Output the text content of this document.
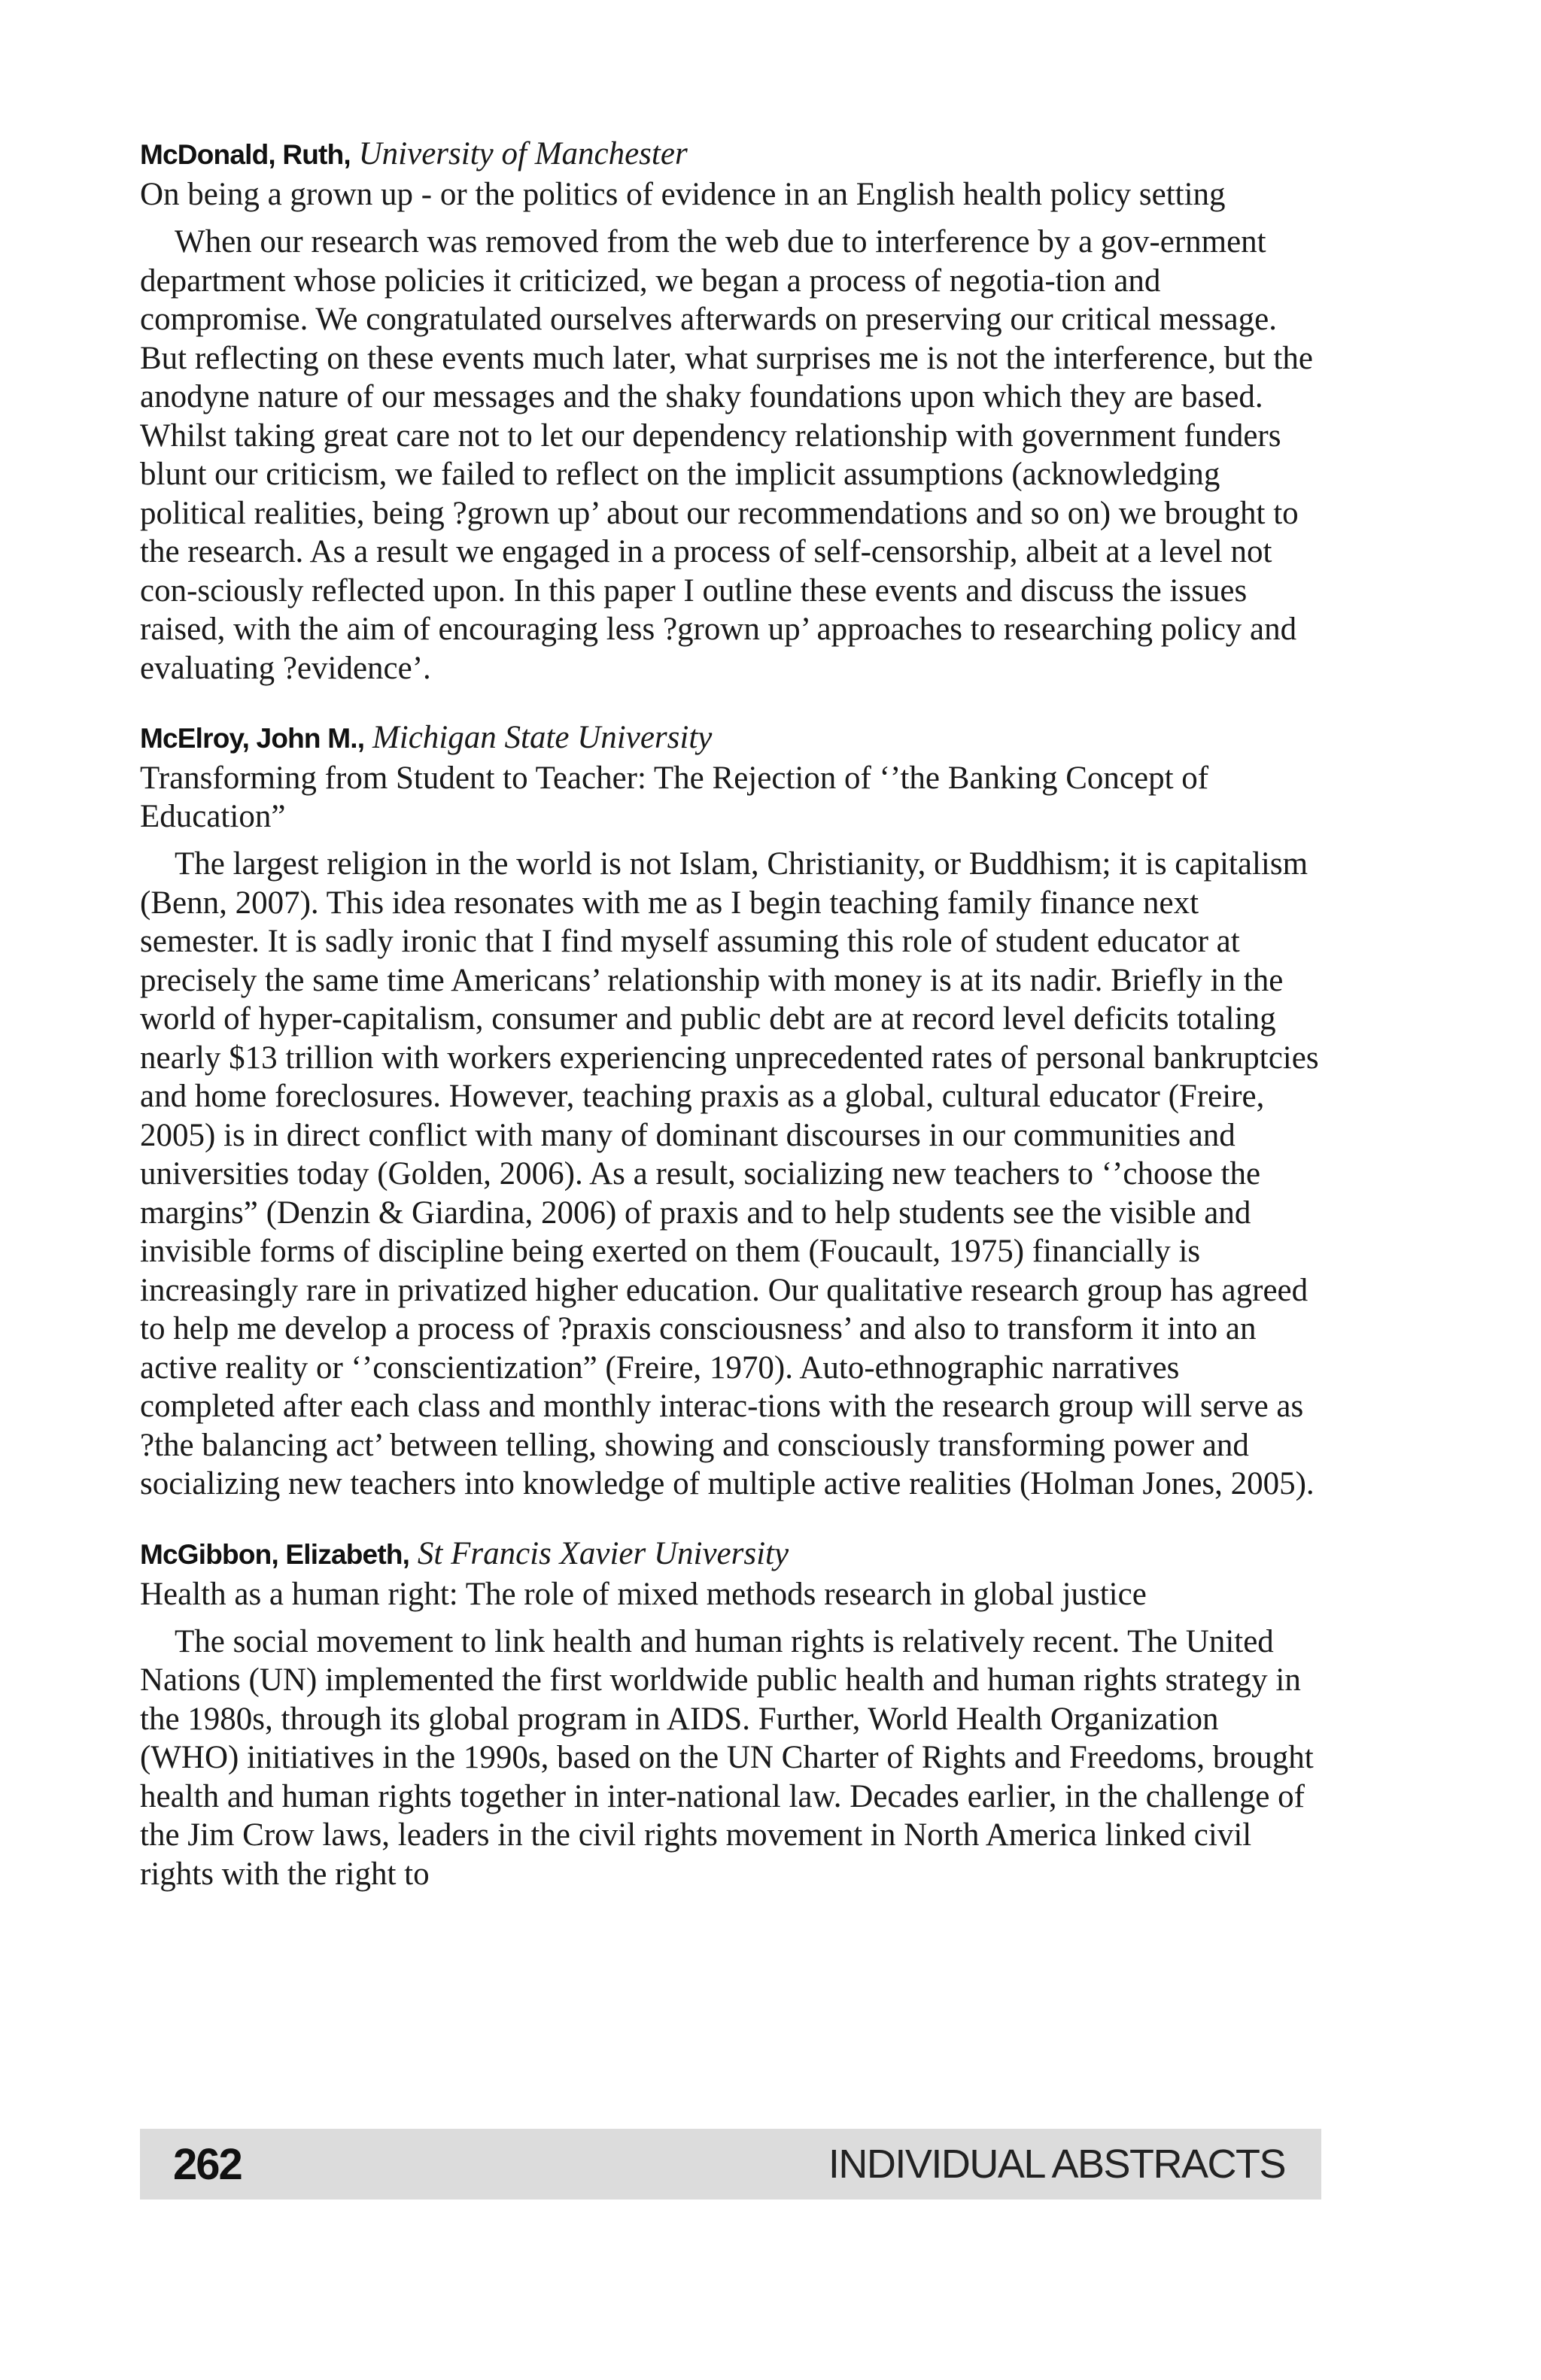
McDonald, Ruth, University of Manchester

On being a grown up - or the politics of evidence in an English health policy setting

When our research was removed from the web due to interference by a gov-ernment department whose policies it criticized, we began a process of negotia-tion and compromise. We congratulated ourselves afterwards on preserving our critical message. But reflecting on these events much later, what surprises me is not the interference, but the anodyne nature of our messages and the shaky foundations upon which they are based. Whilst taking great care not to let our dependency relationship with government funders blunt our criticism, we failed to reflect on the implicit assumptions (acknowledging political realities, being ?grown up’ about our recommendations and so on) we brought to the research. As a result we engaged in a process of self-censorship, albeit at a level not con-sciously reflected upon. In this paper I outline these events and discuss the issues raised, with the aim of encouraging less ?grown up’ approaches to researching policy and evaluating ?evidence’.

McElroy, John M., Michigan State University

Transforming from Student to Teacher: The Rejection of ‘’the Banking Concept of Education”

The largest religion in the world is not Islam, Christianity, or Buddhism; it is capitalism (Benn, 2007). This idea resonates with me as I begin teaching family finance next semester. It is sadly ironic that I find myself assuming this role of student educator at precisely the same time Americans’ relationship with money is at its nadir. Briefly in the world of hyper-capitalism, consumer and public debt are at record level deficits totaling nearly $13 trillion with workers experiencing unprecedented rates of personal bankruptcies and home foreclosures. However, teaching praxis as a global, cultural educator (Freire, 2005) is in direct conflict with many of dominant discourses in our communities and universities today (Golden, 2006). As a result, socializing new teachers to ‘’choose the margins” (Denzin & Giardina, 2006) of praxis and to help students see the visible and invisible forms of discipline being exerted on them (Foucault, 1975) financially is increasingly rare in privatized higher education. Our qualitative research group has agreed to help me develop a process of ?praxis consciousness’ and also to transform it into an active reality or ‘’conscientization” (Freire, 1970). Auto-ethnographic narratives completed after each class and monthly interac-tions with the research group will serve as ?the balancing act’ between telling, showing and consciously transforming power and socializing new teachers into knowledge of multiple active realities (Holman Jones, 2005).

McGibbon, Elizabeth, St Francis Xavier University

Health as a human right: The role of mixed methods research in global justice

The social movement to link health and human rights is relatively recent. The United Nations (UN) implemented the first worldwide public health and human rights strategy in the 1980s, through its global program in AIDS. Further, World Health Organization (WHO) initiatives in the 1990s, based on the UN Charter of Rights and Freedoms, brought health and human rights together in inter-national law. Decades earlier, in the challenge of the Jim Crow laws, leaders in the civil rights movement in North America linked civil rights with the right to

262	INDIVIDUAL ABSTRACTS
